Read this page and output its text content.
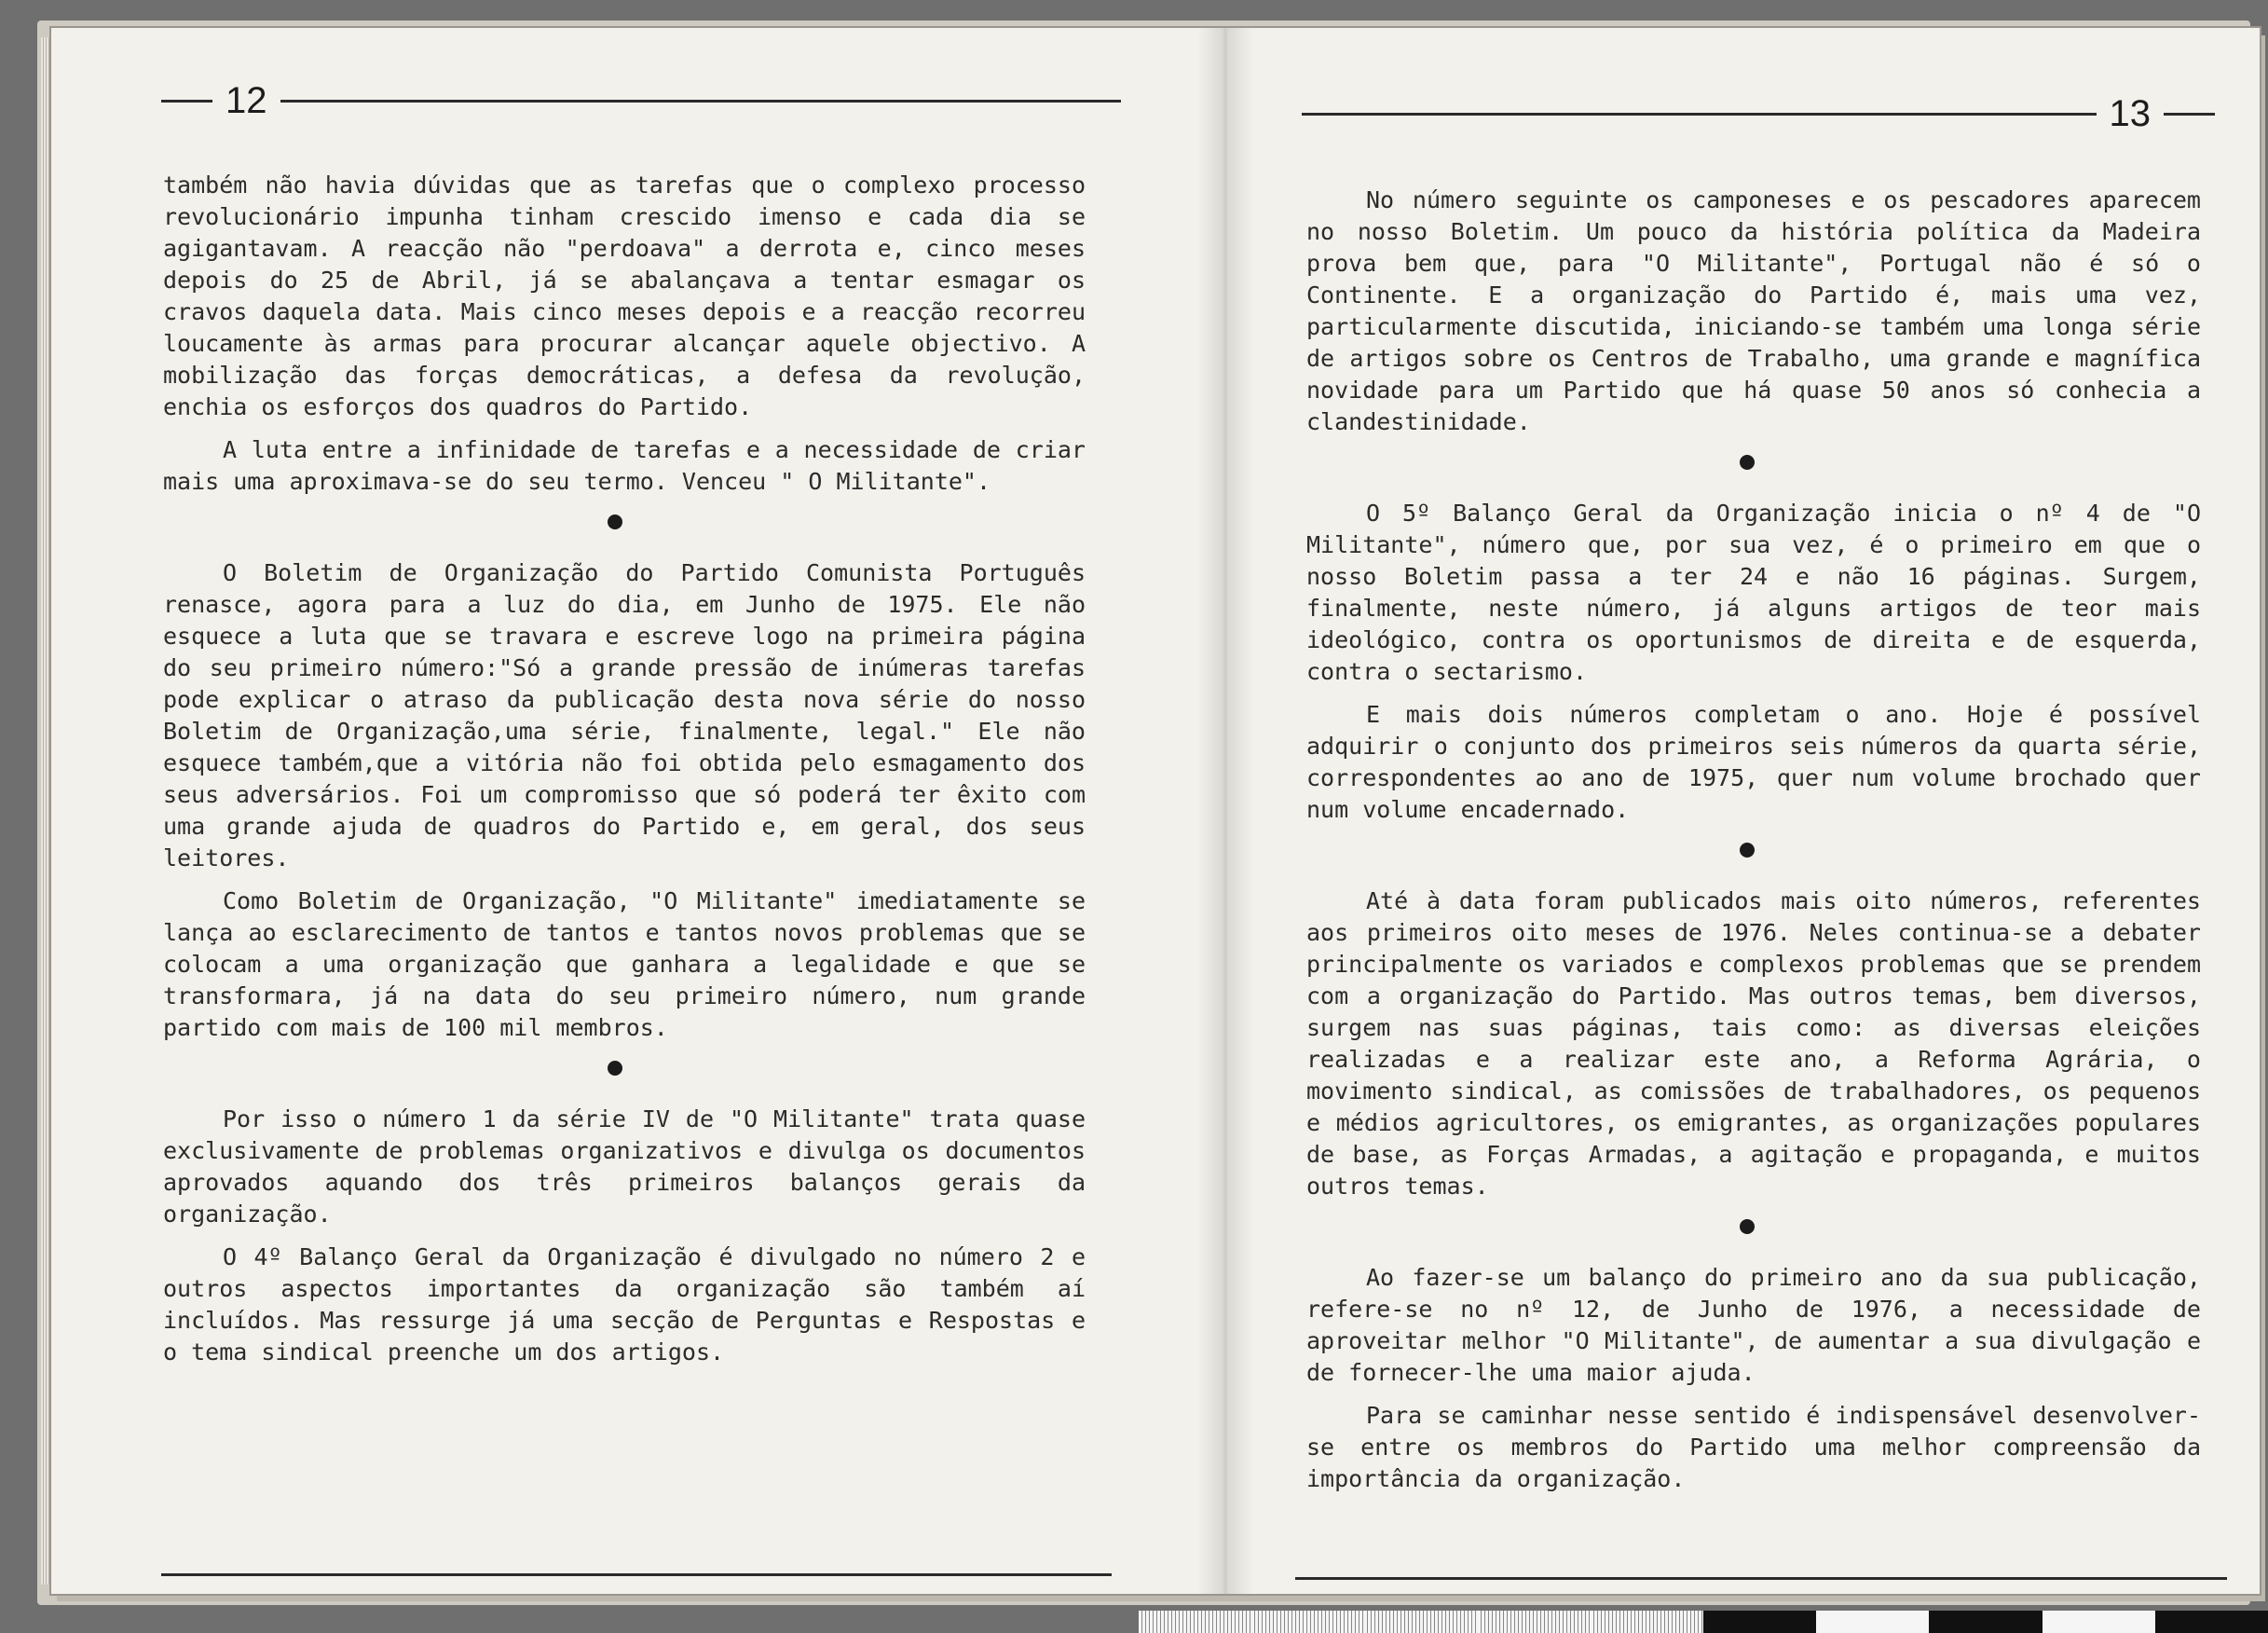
12

também não havia dúvidas que as tarefas que o complexo processo revolucionário impunha tinham crescido imenso e cada dia se agigantavam. A reacção não "perdoava" a derrota e, cinco meses depois do 25 de Abril, já se abalançava a tentar esmagar os cravos daquela data. Mais cinco meses depois e a reacção recorreu loucamente às armas para procurar alcançar aquele objectivo. A mobilização das forças democráticas, a defesa da revolução, enchia os esforços dos quadros do Partido.

A luta entre a infinidade de tarefas e a necessidade de criar mais uma aproximava-se do seu termo. Venceu " O Militante".

O Boletim de Organização do Partido Comunista Português renasce, agora para a luz do dia, em Junho de 1975. Ele não esquece a luta que se travara e escreve logo na primeira página do seu primeiro número:"Só a grande pressão de inúmeras tarefas pode explicar o atraso da publicação desta nova série do nosso Boletim de Organização,uma série, finalmente, legal." Ele não esquece também,que a vitória não foi obtida pelo esmagamento dos seus adversários. Foi um compromisso que só poderá ter êxito com uma grande ajuda de quadros do Partido e, em geral, dos seus leitores.

Como Boletim de Organização, "O Militante" imediatamente se lança ao esclarecimento de tantos e tantos novos problemas que se colocam a uma organização que ganhara a legalidade e que se transformara, já na data do seu primeiro número, num grande partido com mais de 100 mil membros.

Por isso o número 1 da série IV de "O Militante" trata quase exclusivamente de problemas organizativos e divulga os documentos aprovados aquando dos três primeiros balanços gerais da organização.

O 4º Balanço Geral da Organização é divulgado no número 2 e outros aspectos importantes da organização são também aí incluídos. Mas ressurge já uma secção de Perguntas e Respostas e o tema sindical preenche um dos artigos.

13

No número seguinte os camponeses e os pescadores aparecem no nosso Boletim. Um pouco da história política da Madeira prova bem que, para "O Militante", Portugal não é só o Continente. E a organização do Partido é, mais uma vez, particularmente discutida, iniciando-se também uma longa série de artigos sobre os Centros de Trabalho, uma grande e magnífica novidade para um Partido que há quase 50 anos só conhecia a clandestinidade.

O 5º Balanço Geral da Organização inicia o nº 4 de "O Militante", número que, por sua vez, é o primeiro em que o nosso Boletim passa a ter 24 e não 16 páginas. Surgem, finalmente, neste número, já alguns artigos de teor mais ideológico, contra os oportunismos de direita e de esquerda, contra o sectarismo.

E mais dois números completam o ano. Hoje é possível adquirir o conjunto dos primeiros seis números da quarta série, correspondentes ao ano de 1975, quer num volume brochado quer num volume encadernado.

Até à data foram publicados mais oito números, referentes aos primeiros oito meses de 1976. Neles continua-se a debater principalmente os variados e complexos problemas que se prendem com a organização do Partido. Mas outros temas, bem diversos, surgem nas suas páginas, tais como: as diversas eleições realizadas e a realizar este ano, a Reforma Agrária, o movimento sindical, as comissões de trabalhadores, os pequenos e médios agricultores, os emigrantes, as organizações populares de base, as Forças Armadas, a agitação e propaganda, e muitos outros temas.

Ao fazer-se um balanço do primeiro ano da sua publicação, refere-se no nº 12, de Junho de 1976, a necessidade de aproveitar melhor "O Militante", de aumentar a sua divulgação e de fornecer-lhe uma maior ajuda.

Para se caminhar nesse sentido é indispensável desenvolver-se entre os membros do Partido uma melhor compreensão da importância da organização.
